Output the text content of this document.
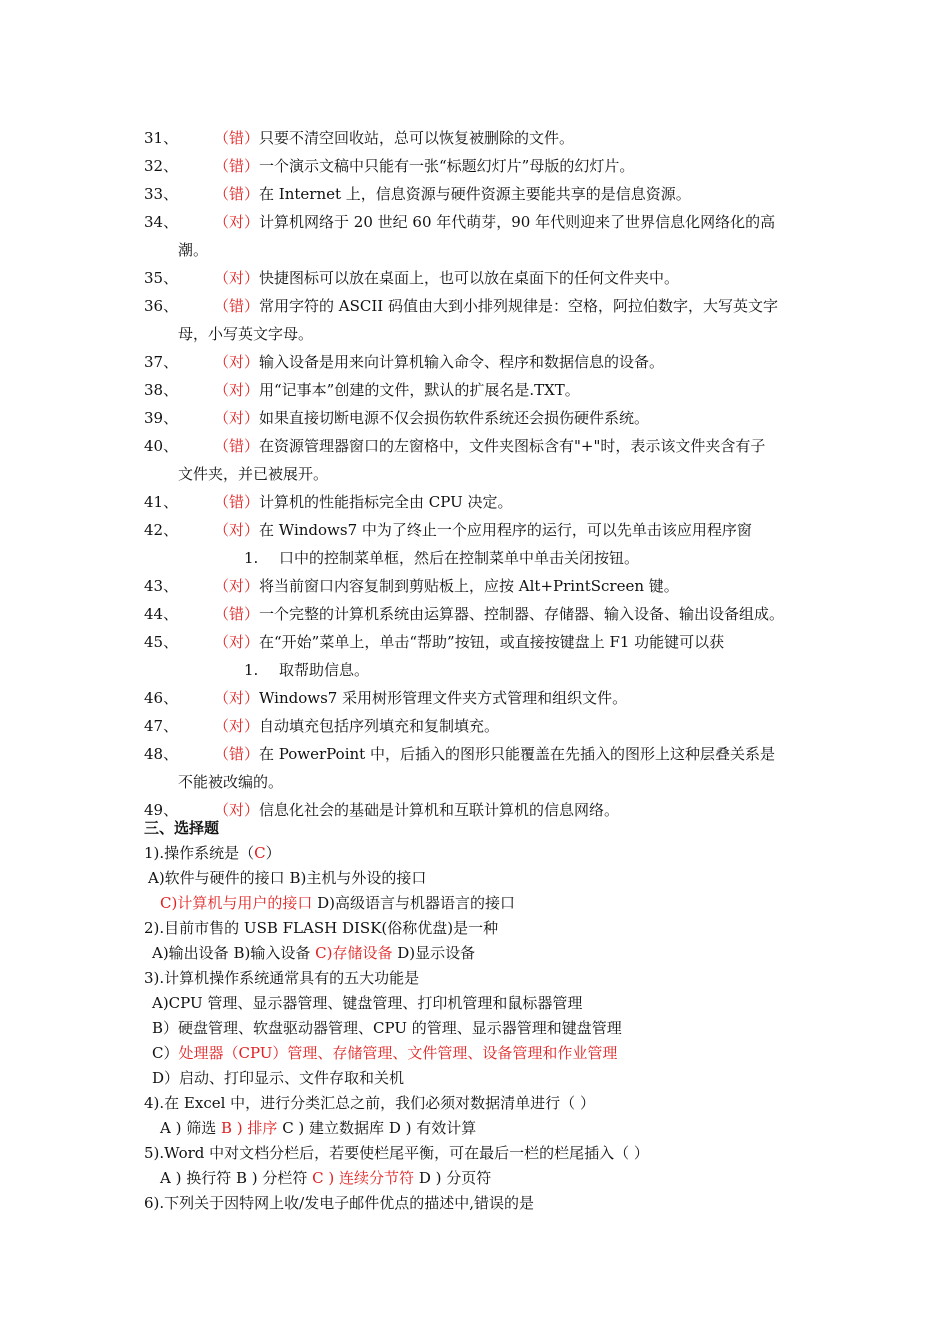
31、 （错）只要不清空回收站，总可以恢复被删除的文件。
32、 （错）一个演示文稿中只能有一张“标题幻灯片”母版的幻灯片。
33、 （错）在 Internet 上，信息资源与硬件资源主要能共享的是信息资源。
34、 （对）计算机网络于 20 世纪 60 年代萌芽，90 年代则迎来了世界信息化网络化的高
潮。
35、 （对）快捷图标可以放在桌面上，也可以放在桌面下的任何文件夹中。
36、 （错）常用字符的 ASCII 码值由大到小排列规律是：空格，阿拉伯数字，大写英文字
母，小写英文字母。
37、 （对）输入设备是用来向计算机输入命令、程序和数据信息的设备。
38、 （对）用“记事本”创建的文件，默认的扩展名是.TXT。
39、 （对）如果直接切断电源不仅会损伤软件系统还会损伤硬件系统。
40、 （错）在资源管理器窗口的左窗格中，文件夹图标含有"+"时，表示该文件夹含有子
文件夹，并已被展开。
41、 （错）计算机的性能指标完全由 CPU 决定。
42、 （对）在 Windows7 中为了终止一个应用程序的运行，可以先单击该应用程序窗
1. 口中的控制菜单框，然后在控制菜单中单击关闭按钮。
43、 （对）将当前窗口内容复制到剪贴板上，应按 Alt+PrintScreen 键。
44、 （错）一个完整的计算机系统由运算器、控制器、存储器、输入设备、输出设备组成。
45、 （对）在“开始”菜单上，单击“帮助”按钮，或直接按键盘上 F1 功能键可以获
1. 取帮助信息。
46、 （对）Windows7 采用树形管理文件夹方式管理和组织文件。
47、 （对）自动填充包括序列填充和复制填充。
48、 （错）在 PowerPoint 中，后插入的图形只能覆盖在先插入的图形上这种层叠关系是
不能被改编的。
49、 （对）信息化社会的基础是计算机和互联计算机的信息网络。
三、选择题
1).操作系统是（C）
A)软件与硬件的接口 B)主机与外设的接口
C)计算机与用户的接口 D)高级语言与机器语言的接口
2).目前市售的 USB FLASH DISK(俗称优盘)是一种
A)输出设备 B)输入设备 C)存储设备 D)显示设备
3).计算机操作系统通常具有的五大功能是
A)CPU 管理、显示器管理、键盘管理、打印机管理和鼠标器管理
B）硬盘管理、软盘驱动器管理、CPU 的管理、显示器管理和键盘管理
C）处理器（CPU）管理、存储管理、文件管理、设备管理和作业管理
D）启动、打印显示、文件存取和关机
4).在 Excel 中，进行分类汇总之前，我们必须对数据清单进行（ ）
A ) 筛选 B ) 排序 C ) 建立数据库 D ) 有效计算
5).Word 中对文档分栏后，若要使栏尾平衡，可在最后一栏的栏尾插入（ ）
A ) 换行符 B ) 分栏符 C ) 连续分节符 D ) 分页符
6).下列关于因特网上收/发电子邮件优点的描述中,错误的是
